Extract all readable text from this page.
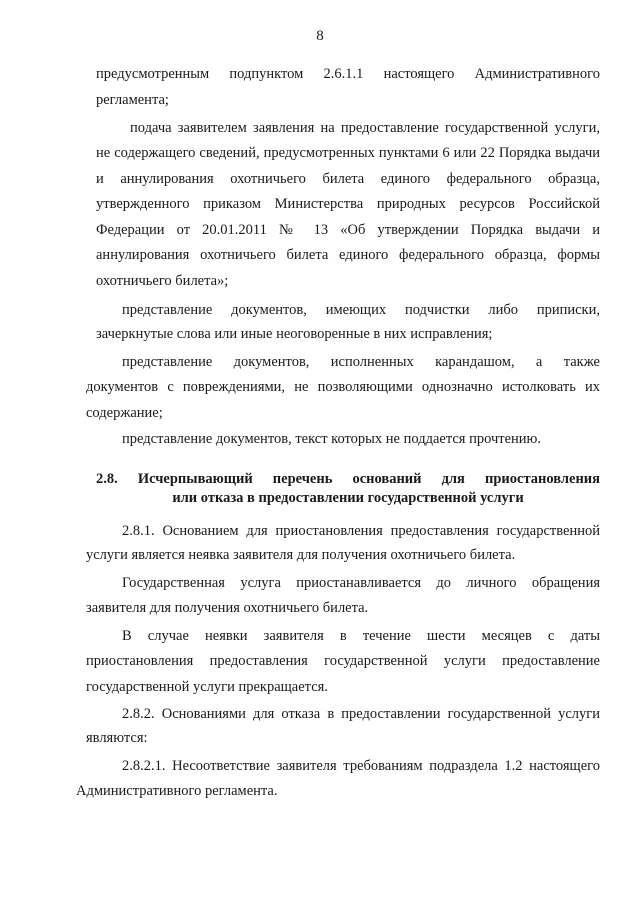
8
предусмотренным подпунктом 2.6.1.1 настоящего Административного
регламента;
подача заявителем заявления на предоставление государственной услуги,
не содержащего сведений, предусмотренных пунктами 6 или 22 Порядка выдачи и аннулирования охотничьего билета единого федерального образца, утвержденного приказом Министерства природных ресурсов Российской Федерации от 20.01.2011 № 13 «Об утверждении Порядка выдачи и аннулирования охотничьего билета единого федерального образца, формы охотничьего билета»;
представление документов, имеющих подчистки либо приписки,
зачеркнутые слова или иные неоговоренные в них исправления;
представление документов, исполненных карандашом, а также
документов с повреждениями, не позволяющими однозначно истолковать их содержание;
представление документов, текст которых не поддается прочтению.
2.8. Исчерпывающий перечень оснований для приостановления
или отказа в предоставлении государственной услуги
2.8.1. Основанием для приостановления предоставления государственной
услуги является неявка заявителя для получения охотничьего билета.
Государственная услуга приостанавливается до личного обращения
заявителя для получения охотничьего билета.
В случае неявки заявителя в течение шести месяцев с даты
приостановления предоставления государственной услуги предоставление государственной услуги прекращается.
2.8.2. Основаниями для отказа в предоставлении государственной услуги
являются:
2.8.2.1. Несоответствие заявителя требованиям подраздела 1.2 настоящего
Административного регламента.
